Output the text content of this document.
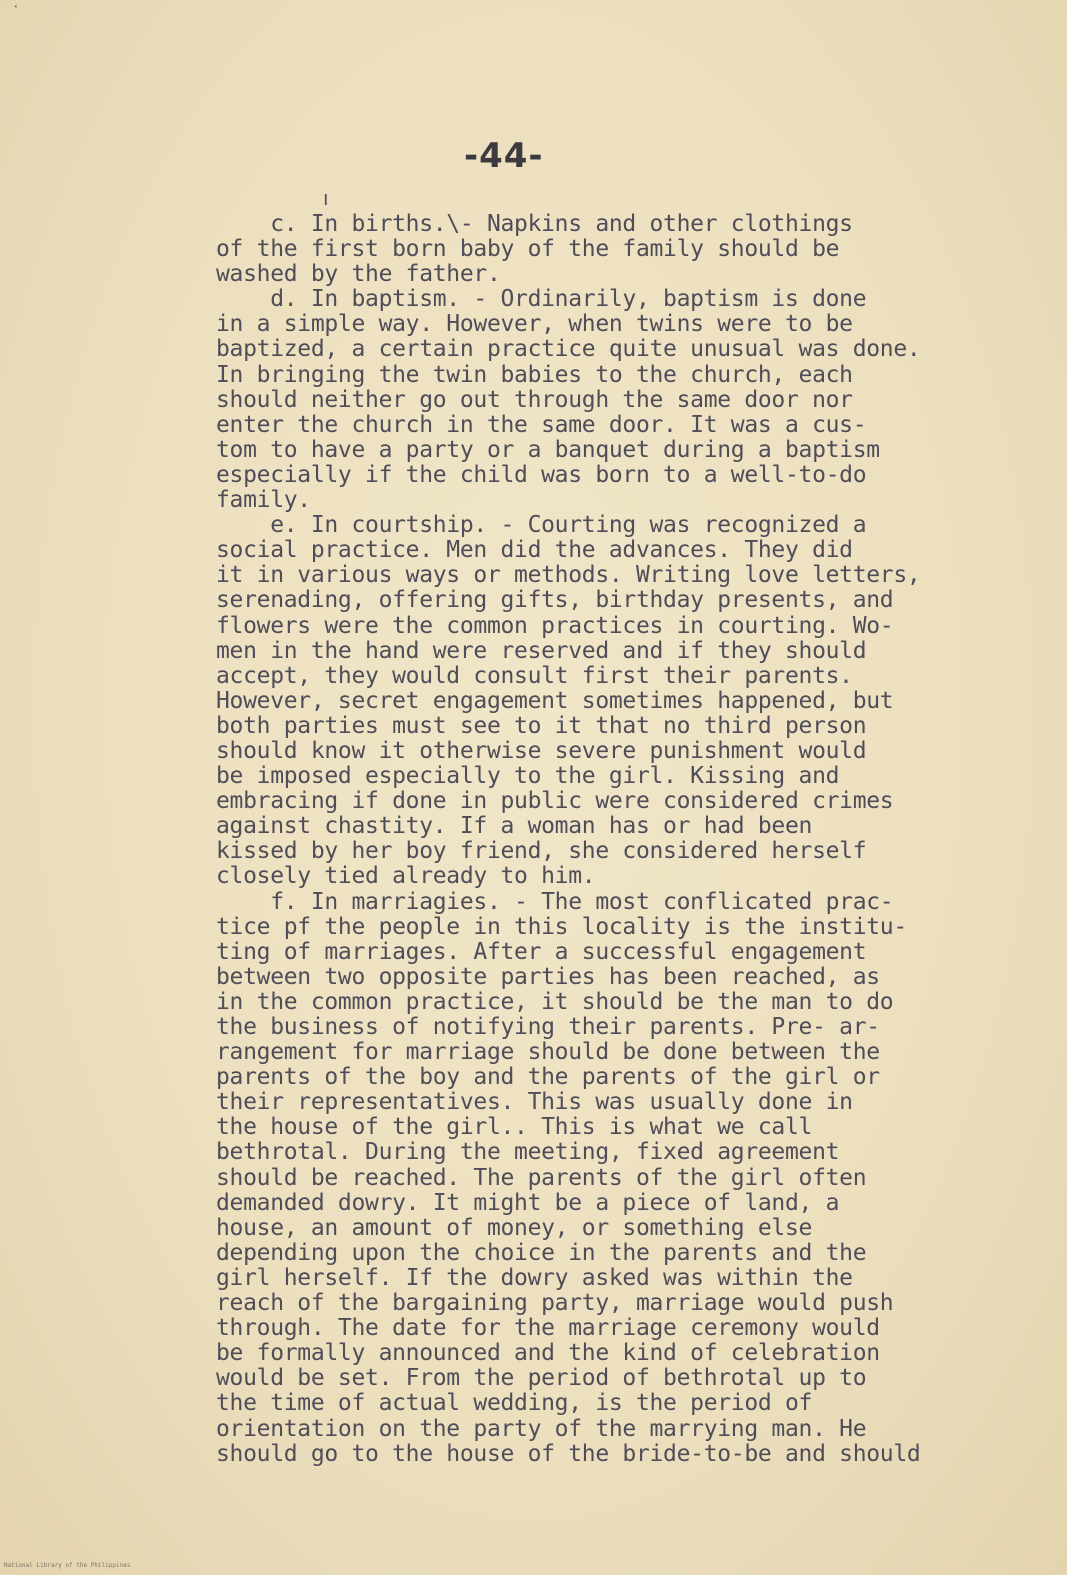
‹
ı
-44-
c. In births.\- Napkins and other clothings
of the first born baby of the family should be
washed by the father.
d. In baptism. - Ordinarily, baptism is done
in a simple way. However, when twins were to be
baptized, a certain practice quite unusual was done.
In bringing the twin babies to the church, each
should neither go out through the same door nor
enter the church in the same door. It was a cus-
tom to have a party or a banquet during a baptism
especially if the child was born to a well-to-do
family.
e. In courtship. - Courting was recognized a
social practice. Men did the advances. They did
it in various ways or methods. Writing love letters,
serenading, offering gifts, birthday presents, and
flowers were the common practices in courting. Wo-
men in the hand were reserved and if they should
accept, they would consult first their parents.
However, secret engagement sometimes happened, but
both parties must see to it that no third person
should know it otherwise severe punishment would
be imposed especially to the girl. Kissing and
embracing if done in public were considered crimes
against chastity. If a woman has or had been
kissed by her boy friend, she considered herself
closely tied already to him.
f. In marriagies. - The most conflicated prac-
tice pf the people in this locality is the institu-
ting of marriages. After a successful engagement
between two opposite parties has been reached, as
in the common practice, it should be the man to do
the business of notifying their parents. Pre- ar-
rangement for marriage should be done between the
parents of the boy and the parents of the girl or
their representatives. This was usually done in
the house of the girl.. This is what we call
bethrotal. During the meeting, fixed agreement
should be reached. The parents of the girl often
demanded dowry. It might be a piece of land, a
house, an amount of money, or something else
depending upon the choice in the parents and the
girl herself. If the dowry asked was within the
reach of the bargaining party, marriage would push
through. The date for the marriage ceremony would
be formally announced and the kind of celebration
would be set. From the period of bethrotal up to
the time of actual wedding, is the period of
orientation on the party of the marrying man. He
should go to the house of the bride-to-be and should
National Library of the Philippines
